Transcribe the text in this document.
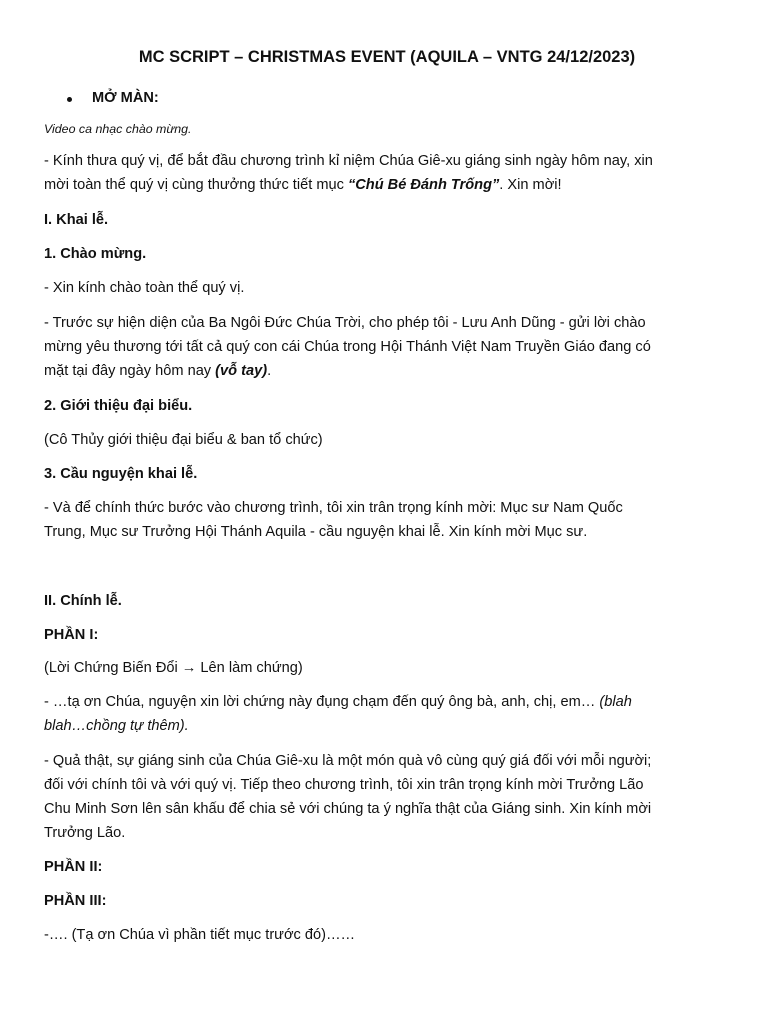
MC SCRIPT – CHRISTMAS EVENT (AQUILA – VNTG 24/12/2023)
MỞ MÀN:
Video ca nhạc chào mừng.
- Kính thưa quý vị, để bắt đầu chương trình kỉ niệm Chúa Giê-xu giáng sinh ngày hôm nay, xin
mời toàn thể quý vị cùng thưởng thức tiết mục “Chú Bé Đánh Trống”. Xin mời!
I. Khai lễ.
1. Chào mừng.
- Xin kính chào toàn thể quý vị.
- Trước sự hiện diện của Ba Ngôi Đức Chúa Trời, cho phép tôi - Lưu Anh Dũng - gửi lời chào
mừng yêu thương tới tất cả quý con cái Chúa trong Hội Thánh Việt Nam Truyền Giáo đang có
mặt tại đây ngày hôm nay (vỗ tay).
2. Giới thiệu đại biểu.
(Cô Thủy giới thiệu đại biểu & ban tổ chức)
3. Cầu nguyện khai lễ.
- Và để chính thức bước vào chương trình, tôi xin trân trọng kính mời: Mục sư Nam Quốc
Trung, Mục sư Trưởng Hội Thánh Aquila - cầu nguyện khai lễ. Xin kính mời Mục sư.
II. Chính lễ.
PHẦN I:
(Lời Chứng Biến Đổi → Lên làm chứng)
- …tạ ơn Chúa, nguyện xin lời chứng này đụng chạm đến quý ông bà, anh, chị, em… (blah
blah…chồng tự thêm).
- Quả thật, sự giáng sinh của Chúa Giê-xu là một món quà vô cùng quý giá đối với mỗi người;
đối với chính tôi và với quý vị. Tiếp theo chương trình, tôi xin trân trọng kính mời Trưởng Lão
Chu Minh Sơn lên sân khấu để chia sẻ với chúng ta ý nghĩa thật của Giáng sinh. Xin kính mời
Trưởng Lão.
PHẦN II:
PHẦN III:
-…. (Tạ ơn Chúa vì phần tiết mục trước đó)……
